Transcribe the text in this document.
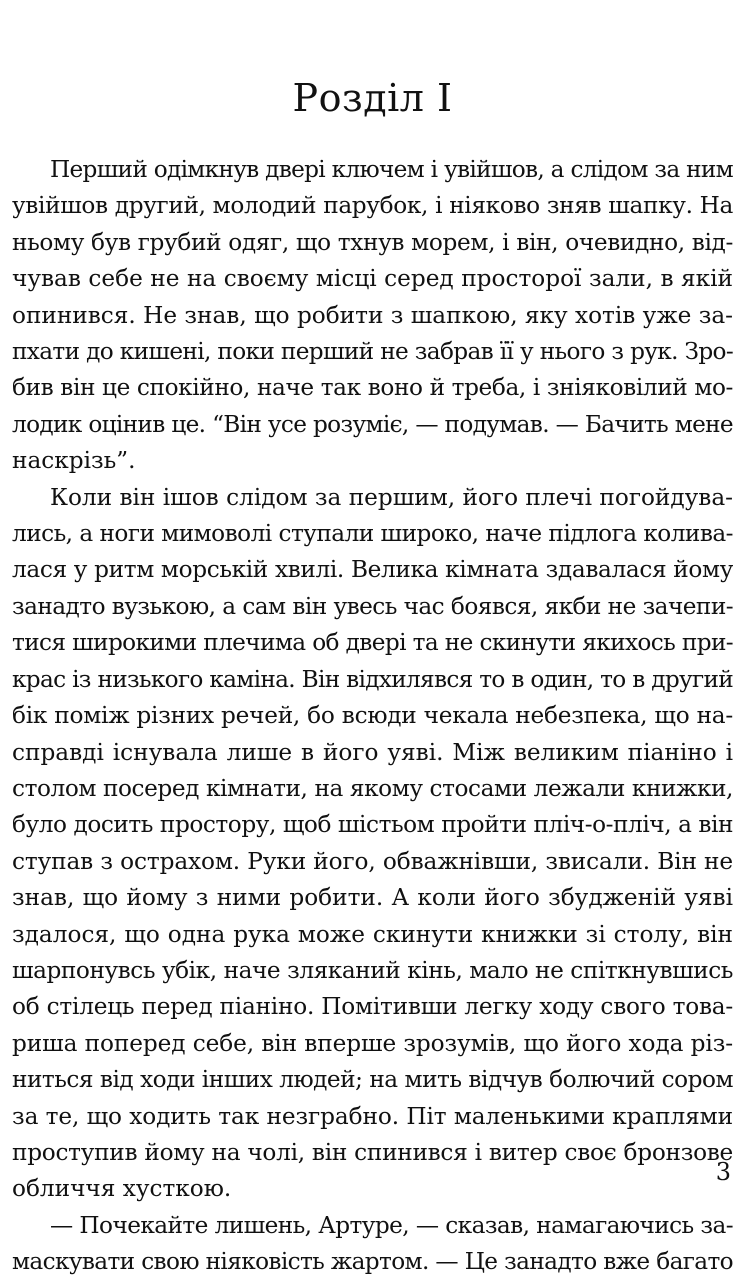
Розділ I
Перший одімкнув двері ключем і увійшов, а слідом за ним
увійшов другий, молодий парубок, і ніяково зняв шапку. На
ньому був грубий одяг, що тхнув морем, і він, очевидно, від-
чував себе не на своєму місці серед просторої зали, в якій
опинився. Не знав, що робити з шапкою, яку хотів уже за-
пхати до кишені, поки перший не забрав її у нього з рук. Зро-
бив він це спокійно, наче так воно й треба, і зніяковілий мо-
лодик оцінив це. “Він усе розуміє, — подумав. — Бачить мене
наскрізь”.
Коли він ішов слідом за першим, його плечі погойдува-
лись, а ноги мимоволі ступали широко, наче підлога колива-
лася у ритм морській хвилі. Велика кімната здавалася йому
занадто вузькою, а сам він увесь час боявся, якби не зачепи-
тися широкими плечима об двері та не скинути якихось при-
крас із низького каміна. Він відхилявся то в один, то в другий
бік поміж різних речей, бо всюди чекала небезпека, що на-
справді існувала лише в його уяві. Між великим піаніно і
столом посеред кімнати, на якому стосами лежали книжки,
було досить простору, щоб шістьом пройти пліч-о-пліч, а він
ступав з острахом. Руки його, обважнівши, звисали. Він не
знав, що йому з ними робити. А коли його збудженій уяві
здалося, що одна рука може скинути книжки зі столу, він
шарпонувсь убік, наче зляканий кінь, мало не спіткнувшись
об стілець перед піаніно. Помітивши легку ходу свого това-
риша поперед себе, він вперше зрозумів, що його хода різ-
ниться від ходи інших людей; на мить відчув болючий сором
за те, що ходить так незграбно. Піт маленькими краплями
проступив йому на чолі, він спинився і витер своє бронзове
обличчя хусткою.
— Почекайте лишень, Артуре, — сказав, намагаючись за-
маскувати свою ніяковість жартом. — Це занадто вже багато
3
